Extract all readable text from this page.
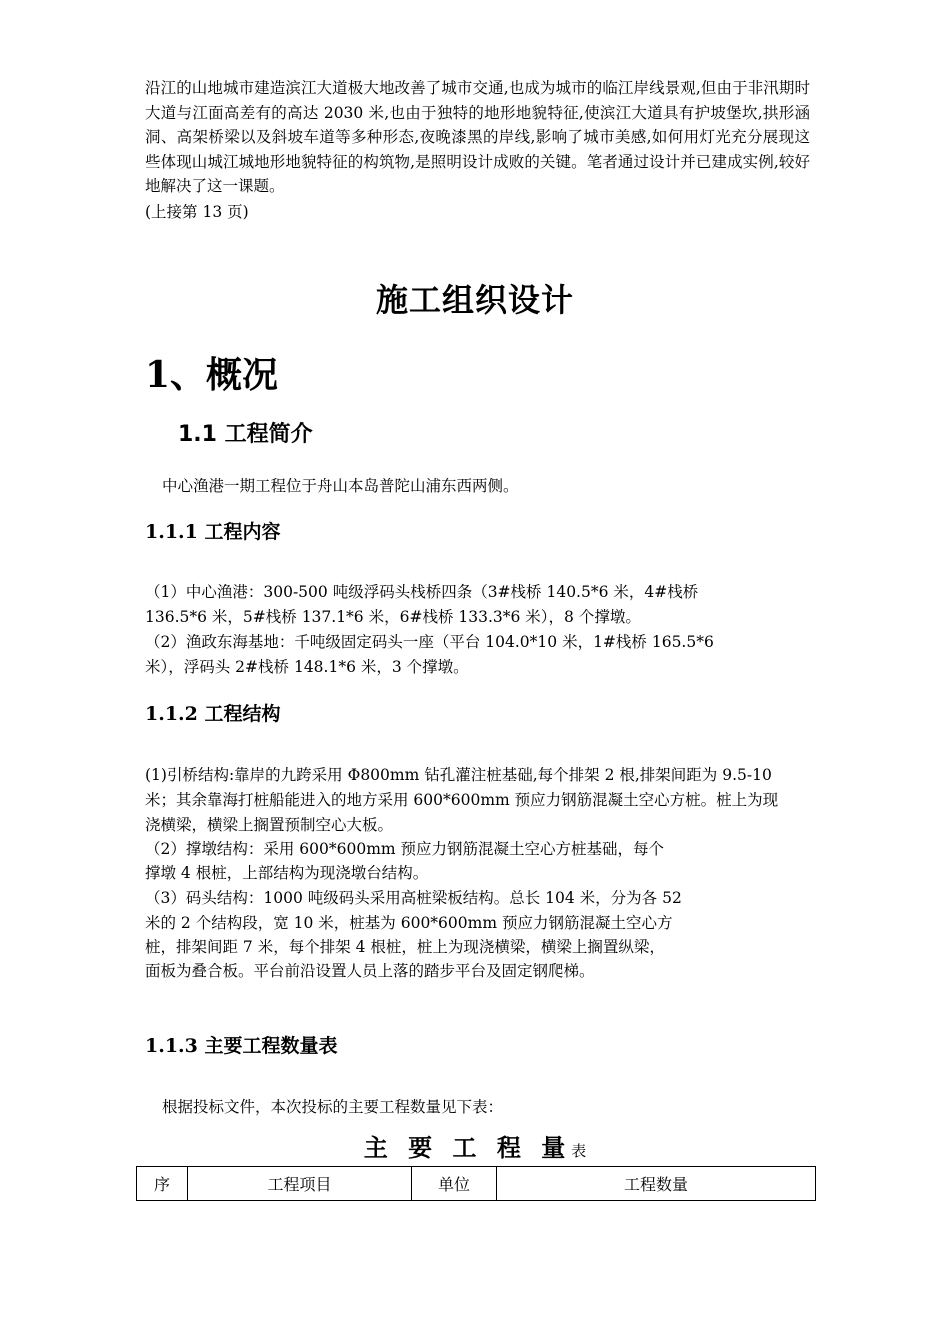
沿江的山地城市建造滨江大道极大地改善了城市交通,也成为城市的临江岸线景观,但由于非汛期时大道与江面高差有的高达 2030 米,也由于独特的地形地貌特征,使滨江大道具有护坡堡坎,拱形涵洞、高架桥梁以及斜坡车道等多种形态,夜晚漆黑的岸线,影响了城市美感,如何用灯光充分展现这些体现山城江城地形地貌特征的构筑物,是照明设计成败的关键。笔者通过设计并已建成实例,较好地解决了这一课题。
(上接第 13 页)
施工组织设计
1、概况
1.1 工程简介
中心渔港一期工程位于舟山本岛普陀山浦东西两侧。
1.1.1 工程内容
（1）中心渔港：300-500 吨级浮码头栈桥四条（3#栈桥 140.5*6 米，4#栈桥
136.5*6 米，5#栈桥 137.1*6 米，6#栈桥 133.3*6 米），8 个撑墩。
（2）渔政东海基地：千吨级固定码头一座（平台 104.0*10 米，1#栈桥 165.5*6
米），浮码头 2#栈桥 148.1*6 米，3 个撑墩。
1.1.2 工程结构
(1)引桥结构:靠岸的九跨采用 Φ800mm 钻孔灌注桩基础,每个排架 2 根,排架间距为 9.5-10
米；其余靠海打桩船能进入的地方采用 600*600mm 预应力钢筋混凝土空心方桩。桩上为现
浇横梁，横梁上搁置预制空心大板。
（2）撑墩结构：采用 600*600mm 预应力钢筋混凝土空心方桩基础，每个
撑墩 4 根桩，上部结构为现浇墩台结构。
（3）码头结构：1000 吨级码头采用高桩梁板结构。总长 104 米，分为各 52
米的 2 个结构段，宽 10 米，桩基为 600*600mm 预应力钢筋混凝土空心方
桩，排架间距 7 米，每个排架 4 根桩，桩上为现浇横梁，横梁上搁置纵梁，
面板为叠合板。平台前沿设置人员上落的踏步平台及固定钢爬梯。
1.1.3 主要工程数量表
根据投标文件，本次投标的主要工程数量见下表：
主 要 工 程 量表
序	工程项目	单位	工程数量
